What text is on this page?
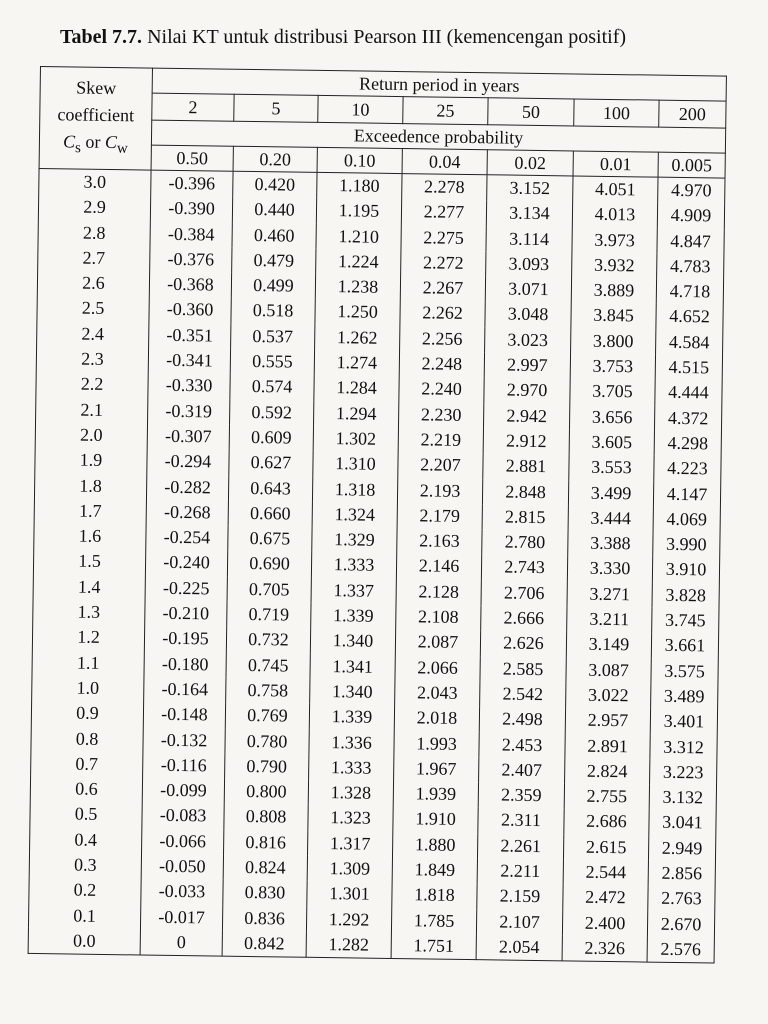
Tabel 7.7. Nilai KT untuk distribusi Pearson III (kemencengan positif)
Skew
coefficient
$C_s$ or $C_w$	Return period in years						
	2	5	10	25	50	100	200
	Exceedence probability						
	0.50	0.20	0.10	0.04	0.02	0.01	0.005
3.0	-0.396	0.420	1.180	2.278	3.152	4.051	4.970
2.9	-0.390	0.440	1.195	2.277	3.134	4.013	4.909
2.8	-0.384	0.460	1.210	2.275	3.114	3.973	4.847
2.7	-0.376	0.479	1.224	2.272	3.093	3.932	4.783
2.6	-0.368	0.499	1.238	2.267	3.071	3.889	4.718
2.5	-0.360	0.518	1.250	2.262	3.048	3.845	4.652
2.4	-0.351	0.537	1.262	2.256	3.023	3.800	4.584
2.3	-0.341	0.555	1.274	2.248	2.997	3.753	4.515
2.2	-0.330	0.574	1.284	2.240	2.970	3.705	4.444
2.1	-0.319	0.592	1.294	2.230	2.942	3.656	4.372
2.0	-0.307	0.609	1.302	2.219	2.912	3.605	4.298
1.9	-0.294	0.627	1.310	2.207	2.881	3.553	4.223
1.8	-0.282	0.643	1.318	2.193	2.848	3.499	4.147
1.7	-0.268	0.660	1.324	2.179	2.815	3.444	4.069
1.6	-0.254	0.675	1.329	2.163	2.780	3.388	3.990
1.5	-0.240	0.690	1.333	2.146	2.743	3.330	3.910
1.4	-0.225	0.705	1.337	2.128	2.706	3.271	3.828
1.3	-0.210	0.719	1.339	2.108	2.666	3.211	3.745
1.2	-0.195	0.732	1.340	2.087	2.626	3.149	3.661
1.1	-0.180	0.745	1.341	2.066	2.585	3.087	3.575
1.0	-0.164	0.758	1.340	2.043	2.542	3.022	3.489
0.9	-0.148	0.769	1.339	2.018	2.498	2.957	3.401
0.8	-0.132	0.780	1.336	1.993	2.453	2.891	3.312
0.7	-0.116	0.790	1.333	1.967	2.407	2.824	3.223
0.6	-0.099	0.800	1.328	1.939	2.359	2.755	3.132
0.5	-0.083	0.808	1.323	1.910	2.311	2.686	3.041
0.4	-0.066	0.816	1.317	1.880	2.261	2.615	2.949
0.3	-0.050	0.824	1.309	1.849	2.211	2.544	2.856
0.2	-0.033	0.830	1.301	1.818	2.159	2.472	2.763
0.1	-0.017	0.836	1.292	1.785	2.107	2.400	2.670
0.0	0	0.842	1.282	1.751	2.054	2.326	2.576
